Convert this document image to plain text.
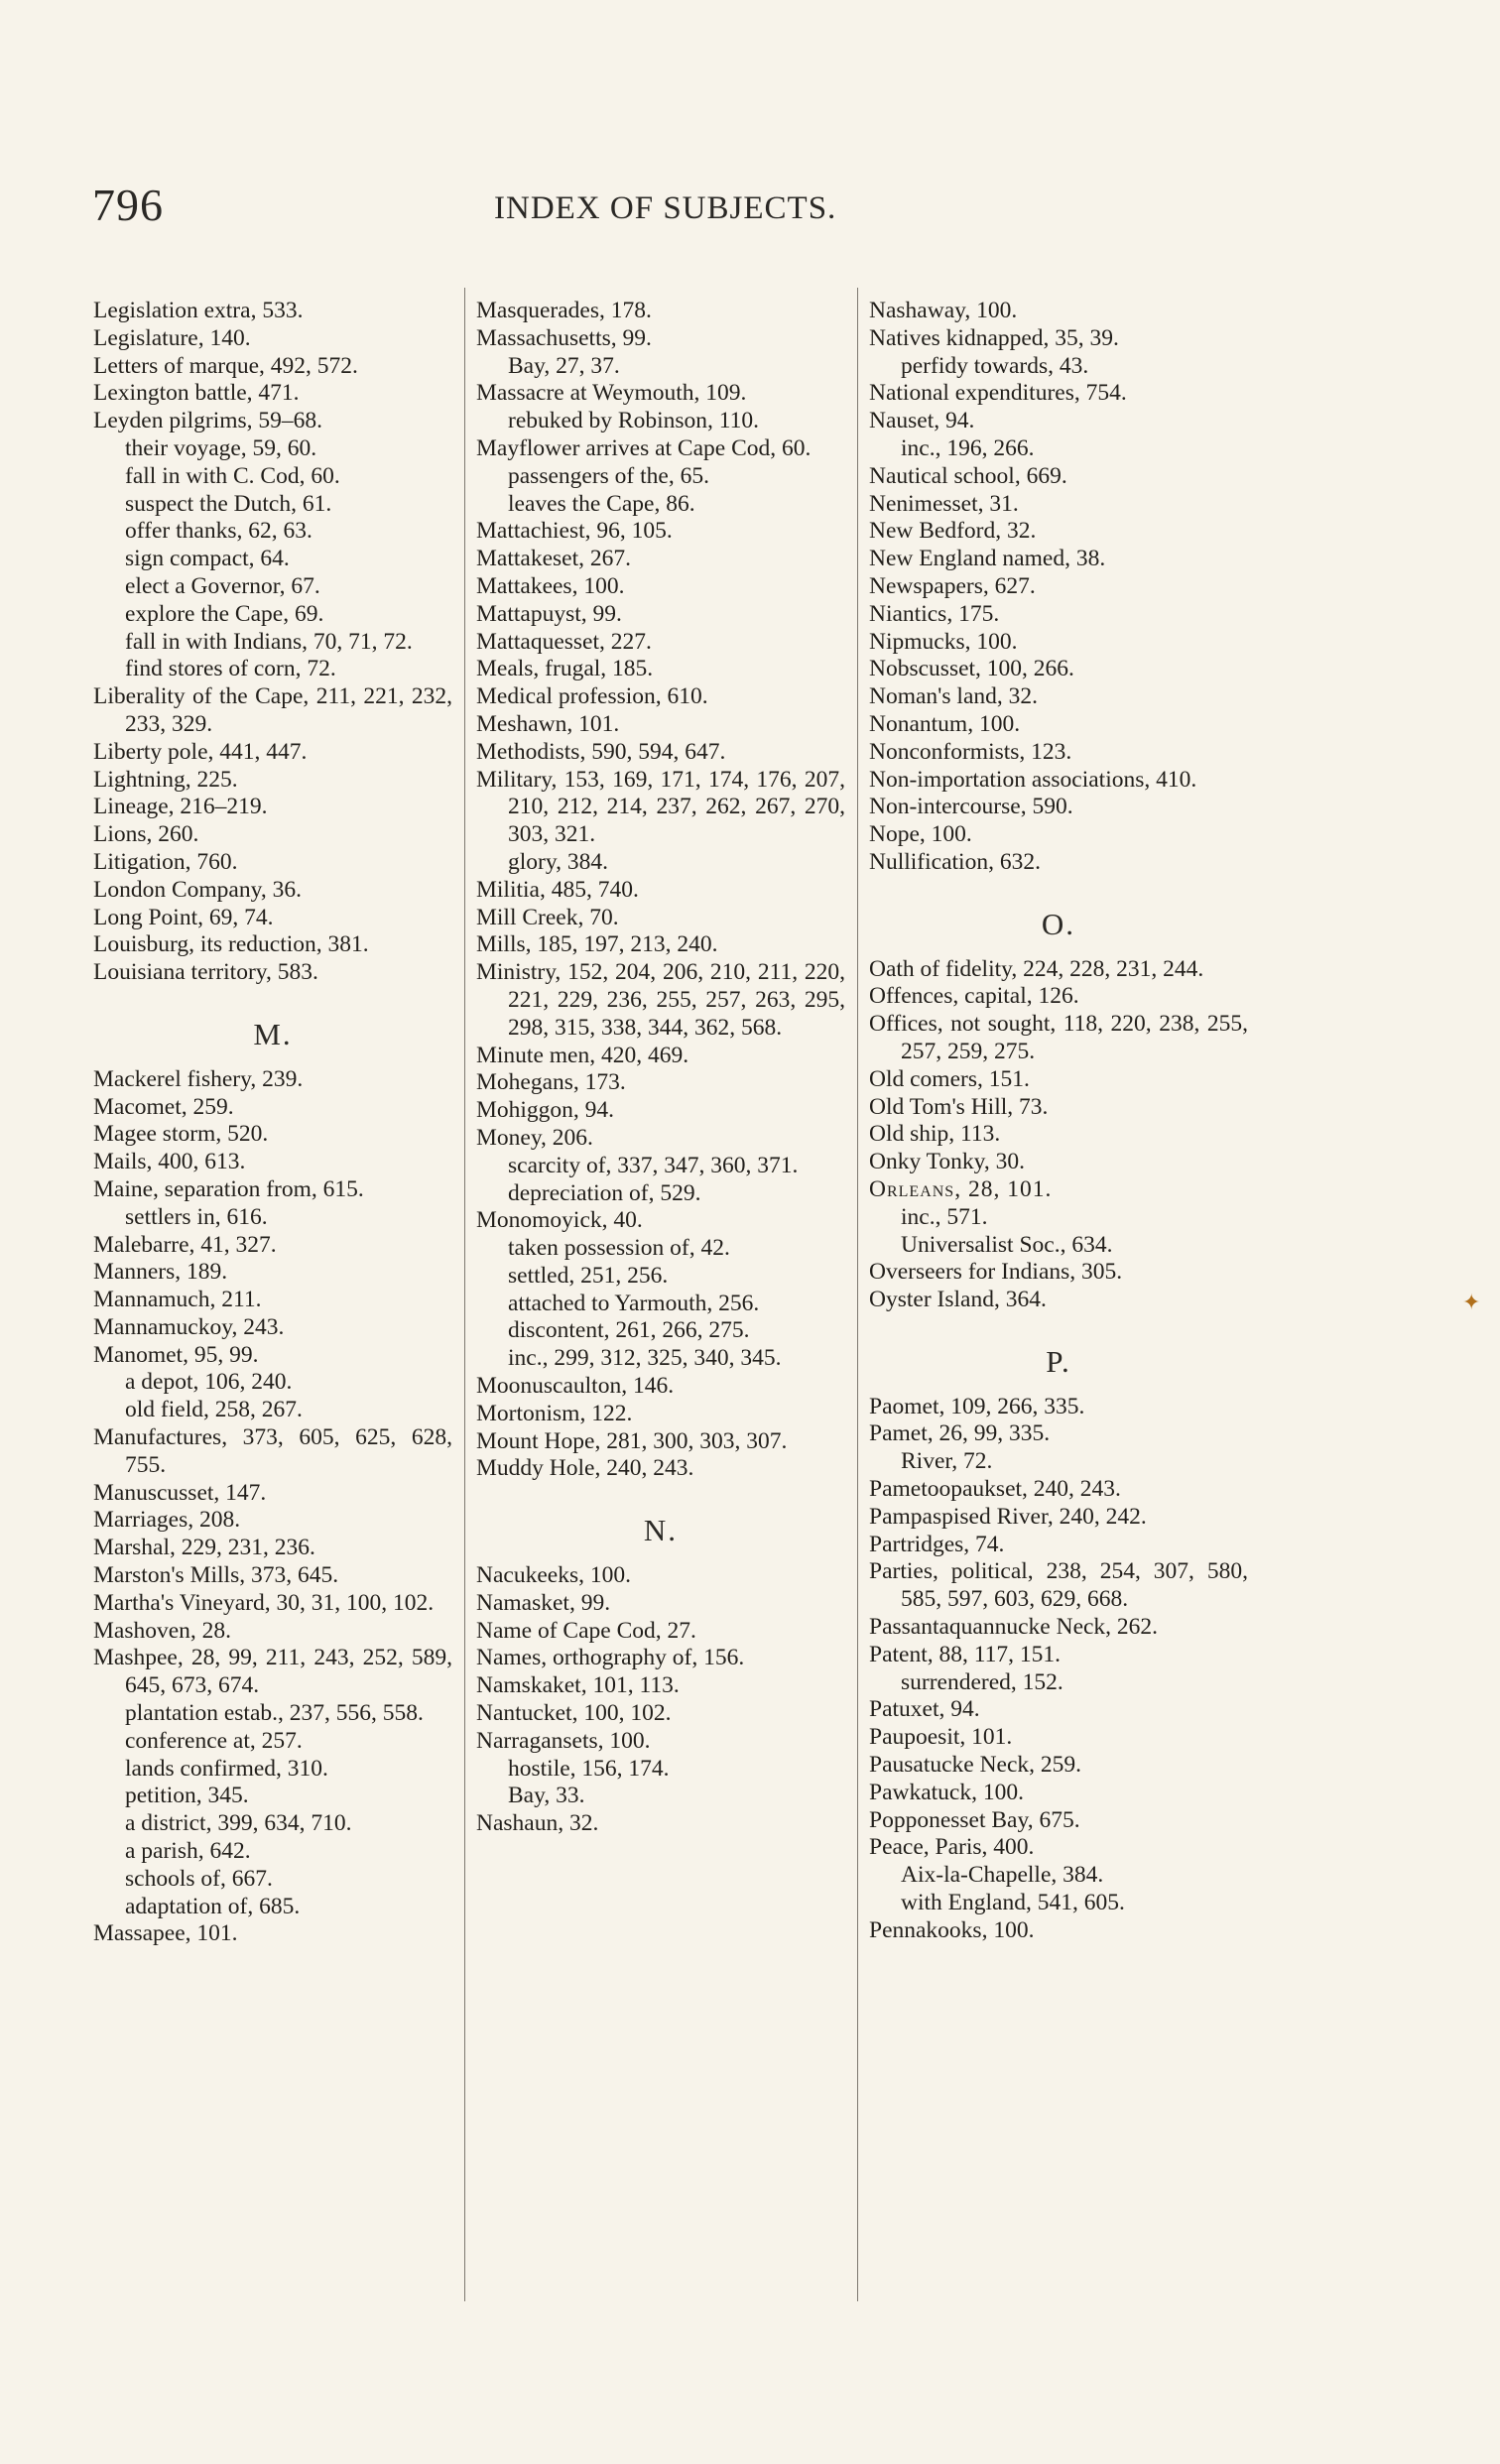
796	INDEX OF SUBJECTS.
Legislation extra, 533.
Legislature, 140.
Letters of marque, 492, 572.
Lexington battle, 471.
Leyden pilgrims, 59–68.
their voyage, 59, 60.
fall in with C. Cod, 60.
suspect the Dutch, 61.
offer thanks, 62, 63.
sign compact, 64.
elect a Governor, 67.
explore the Cape, 69.
fall in with Indians, 70, 71, 72.
find stores of corn, 72.
Liberality of the Cape, 211, 221, 232, 233, 329.
Liberty pole, 441, 447.
Lightning, 225.
Lineage, 216–219.
Lions, 260.
Litigation, 760.
London Company, 36.
Long Point, 69, 74.
Louisburg, its reduction, 381.
Louisiana territory, 583.
M.
Mackerel fishery, 239.
Macomet, 259.
Magee storm, 520.
Mails, 400, 613.
Maine, separation from, 615.
settlers in, 616.
Malebarre, 41, 327.
Manners, 189.
Mannamuch, 211.
Mannamuckoy, 243.
Manomet, 95, 99.
a depot, 106, 240.
old field, 258, 267.
Manufactures, 373, 605, 625, 628, 755.
Manuscusset, 147.
Marriages, 208.
Marshal, 229, 231, 236.
Marston's Mills, 373, 645.
Martha's Vineyard, 30, 31, 100, 102.
Mashoven, 28.
Mashpee, 28, 99, 211, 243, 252, 589, 645, 673, 674.
plantation estab., 237, 556, 558.
conference at, 257.
lands confirmed, 310.
petition, 345.
a district, 399, 634, 710.
a parish, 642.
schools of, 667.
adaptation of, 685.
Massapee, 101.
Masquerades, 178.
Massachusetts, 99.
Bay, 27, 37.
Massacre at Weymouth, 109.
rebuked by Robinson, 110.
Mayflower arrives at Cape Cod, 60.
passengers of the, 65.
leaves the Cape, 86.
Mattachiest, 96, 105.
Mattakeset, 267.
Mattakees, 100.
Mattapuyst, 99.
Mattaquesset, 227.
Meals, frugal, 185.
Medical profession, 610.
Meshawn, 101.
Methodists, 590, 594, 647.
Military, 153, 169, 171, 174, 176, 207, 210, 212, 214, 237, 262, 267, 270, 303, 321.
glory, 384.
Militia, 485, 740.
Mill Creek, 70.
Mills, 185, 197, 213, 240.
Ministry, 152, 204, 206, 210, 211, 220, 221, 229, 236, 255, 257, 263, 295, 298, 315, 338, 344, 362, 568.
Minute men, 420, 469.
Mohegans, 173.
Mohiggon, 94.
Money, 206.
scarcity of, 337, 347, 360, 371.
depreciation of, 529.
Monomoyick, 40.
taken possession of, 42.
settled, 251, 256.
attached to Yarmouth, 256.
discontent, 261, 266, 275.
inc., 299, 312, 325, 340, 345.
Moonuscaulton, 146.
Mortonism, 122.
Mount Hope, 281, 300, 303, 307.
Muddy Hole, 240, 243.
N.
Nacukeeks, 100.
Namasket, 99.
Name of Cape Cod, 27.
Names, orthography of, 156.
Namskaket, 101, 113.
Nantucket, 100, 102.
Narragansets, 100.
hostile, 156, 174.
Bay, 33.
Nashaun, 32.
Nashaway, 100.
Natives kidnapped, 35, 39.
perfidy towards, 43.
National expenditures, 754.
Nauset, 94.
inc., 196, 266.
Nautical school, 669.
Nenimesset, 31.
New Bedford, 32.
New England named, 38.
Newspapers, 627.
Niantics, 175.
Nipmucks, 100.
Nobscusset, 100, 266.
Noman's land, 32.
Nonantum, 100.
Nonconformists, 123.
Non-importation associations, 410.
Non-intercourse, 590.
Nope, 100.
Nullification, 632.
O.
Oath of fidelity, 224, 228, 231, 244.
Offences, capital, 126.
Offices, not sought, 118, 220, 238, 255, 257, 259, 275.
Old comers, 151.
Old Tom's Hill, 73.
Old ship, 113.
Onky Tonky, 30.
Orleans, 28, 101.
inc., 571.
Universalist Soc., 634.
Overseers for Indians, 305.
Oyster Island, 364.
P.
Paomet, 109, 266, 335.
Pamet, 26, 99, 335.
River, 72.
Pametoopaukset, 240, 243.
Pampaspised River, 240, 242.
Partridges, 74.
Parties, political, 238, 254, 307, 580, 585, 597, 603, 629, 668.
Passantaquannucke Neck, 262.
Patent, 88, 117, 151.
surrendered, 152.
Patuxet, 94.
Paupoesit, 101.
Pausatucke Neck, 259.
Pawkatuck, 100.
Popponesset Bay, 675.
Peace, Paris, 400.
Aix-la-Chapelle, 384.
with England, 541, 605.
Pennakooks, 100.
✦
